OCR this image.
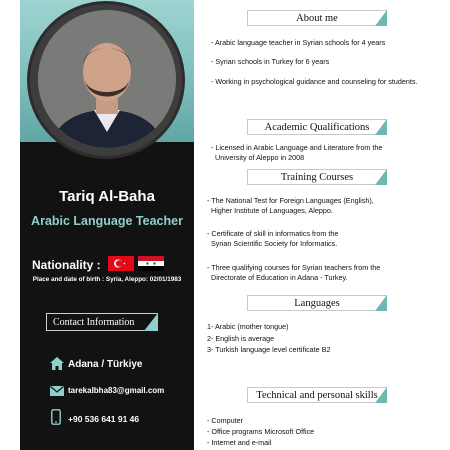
Tariq Al-Baha
Arabic Language Teacher
Nationality :
Place and date of birth : Syria, Aleppo: 02/01/1983
Contact Information
Adana / Türkiye
tarekalbha83@gmail.com
+90 536 641 91 46
About me
- Arabic language teacher in Syrian schools for 4 years
- Syrian schools in Turkey for 6 years
- Working in psychological guidance and counseling for students.
Academic Qualifications
- Licensed in Arabic Language and Literature from the
University of Aleppo in 2008
Training Courses
- The National Test for Foreign Languages (English),
Higher Institute of Languages, Aleppo.
- Certificate of skill in informatics from the
Syrian Scientific Society for Informatics.
- Three qualifying courses for Syrian teachers from the
Directorate of Education in Adana - Turkey.
Languages
1- Arabic (mother tongue)
2- English is average
3- Turkish language level certificate B2
Technical and personal skills
- Computer
- Office programs Microsoft Office
- Internet and e-mail
